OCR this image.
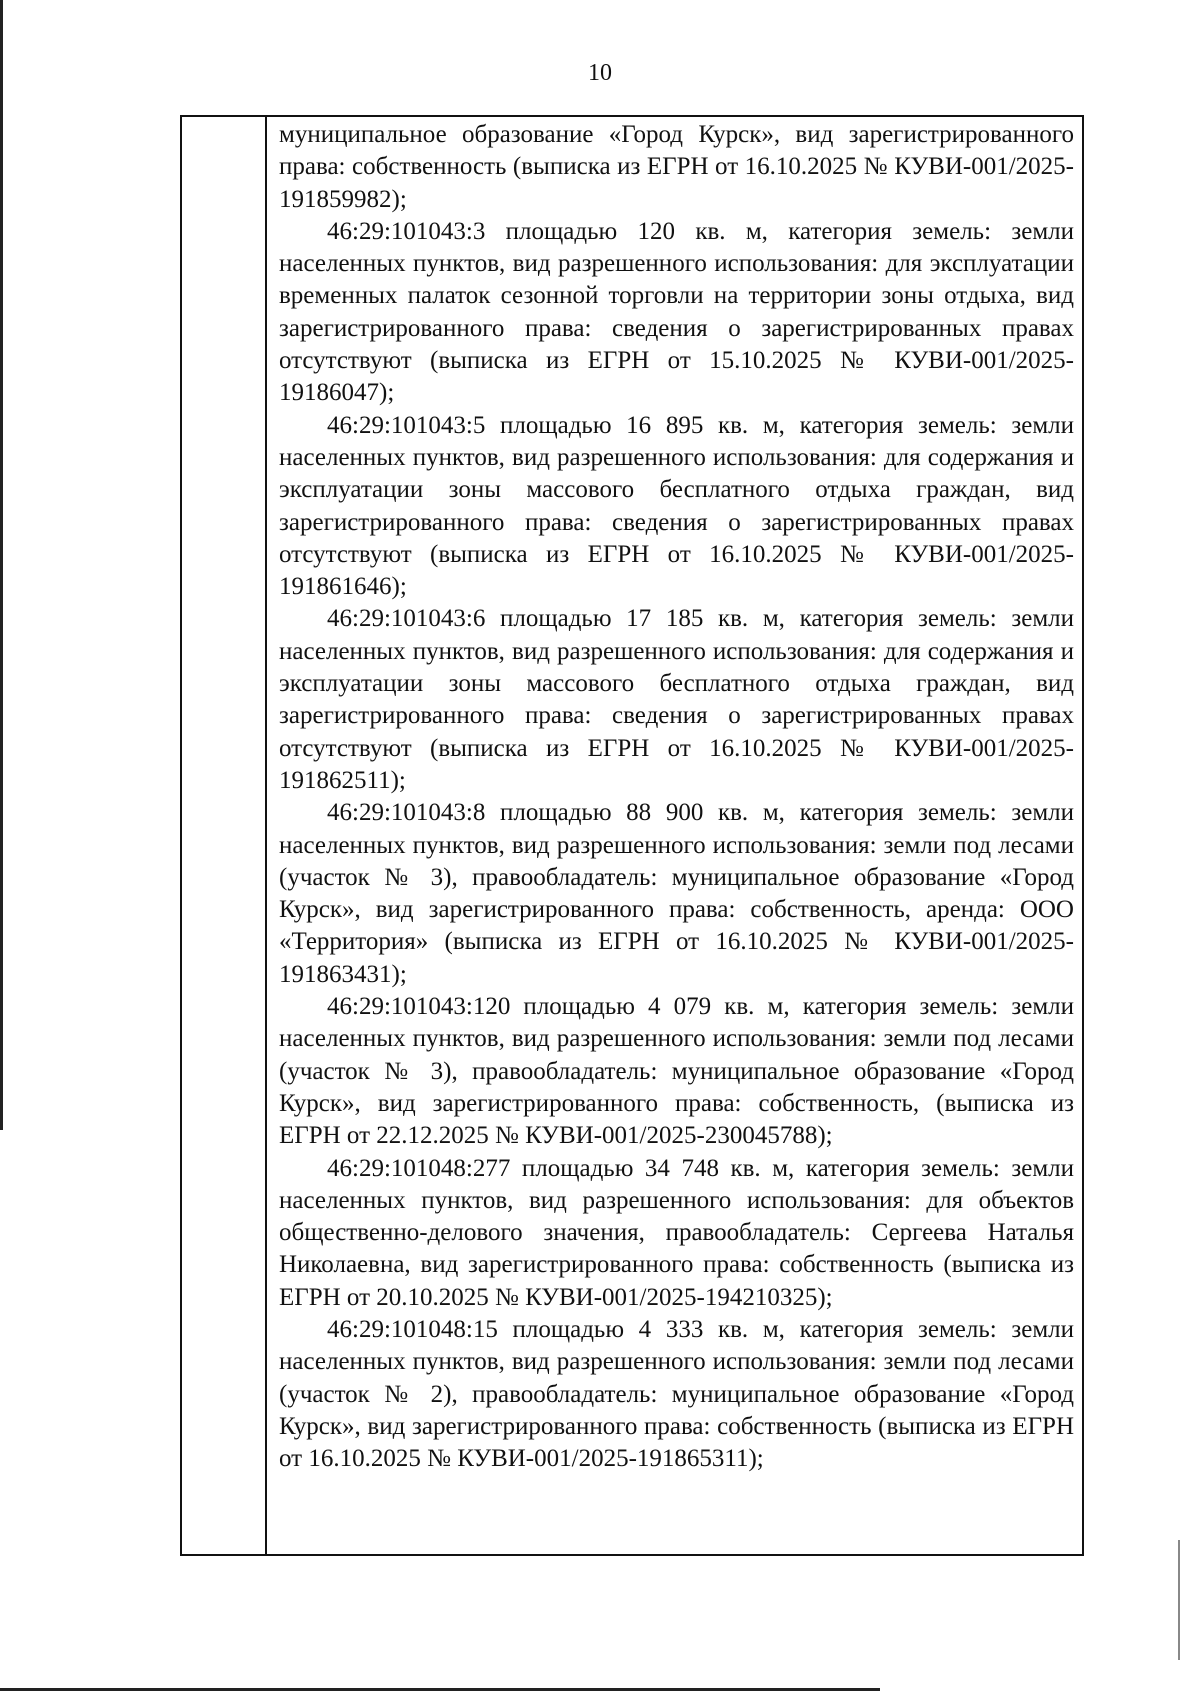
10

муниципальное образование «Город Курск», вид зарегистрированного права: собственность (выписка из ЕГРН от 16.10.2025 № КУВИ-001/2025-191859982);

46:29:101043:3 площадью 120 кв. м, категория земель: земли населенных пунктов, вид разрешенного использования: для эксплуатации временных палаток сезонной торговли на территории зоны отдыха, вид зарегистрированного права: сведения о зарегистрированных правах отсутствуют (выписка из ЕГРН от 15.10.2025 № КУВИ-001/2025-19186047);

46:29:101043:5 площадью 16 895 кв. м, категория земель: земли населенных пунктов, вид разрешенного использования: для содержания и эксплуатации зоны массового бесплатного отдыха граждан, вид зарегистрированного права: сведения о зарегистрированных правах отсутствуют (выписка из ЕГРН от 16.10.2025 № КУВИ-001/2025-191861646);

46:29:101043:6 площадью 17 185 кв. м, категория земель: земли населенных пунктов, вид разрешенного использования: для содержания и эксплуатации зоны массового бесплатного отдыха граждан, вид зарегистрированного права: сведения о зарегистрированных правах отсутствуют (выписка из ЕГРН от 16.10.2025 № КУВИ-001/2025-191862511);

46:29:101043:8 площадью 88 900 кв. м, категория земель: земли населенных пунктов, вид разрешенного использования: земли под лесами (участок № 3), правообладатель: муниципальное образование «Город Курск», вид зарегистрированного права: собственность, аренда: ООО «Территория» (выписка из ЕГРН от 16.10.2025 № КУВИ-001/2025-191863431);

46:29:101043:120 площадью 4 079 кв. м, категория земель: земли населенных пунктов, вид разрешенного использования: земли под лесами (участок № 3), правообладатель: муниципальное образование «Город Курск», вид зарегистрированного права: собственность, (выписка из ЕГРН от 22.12.2025 № КУВИ-001/2025-230045788);

46:29:101048:277 площадью 34 748 кв. м, категория земель: земли населенных пунктов, вид разрешенного использования: для объектов общественно-делового значения, правообладатель: Сергеева Наталья Николаевна, вид зарегистрированного права: собственность (выписка из ЕГРН от 20.10.2025 № КУВИ-001/2025-194210325);

46:29:101048:15 площадью 4 333 кв. м, категория земель: земли населенных пунктов, вид разрешенного использования: земли под лесами (участок № 2), правообладатель: муниципальное образование «Город Курск», вид зарегистрированного права: собственность (выписка из ЕГРН от 16.10.2025 № КУВИ-001/2025-191865311);
